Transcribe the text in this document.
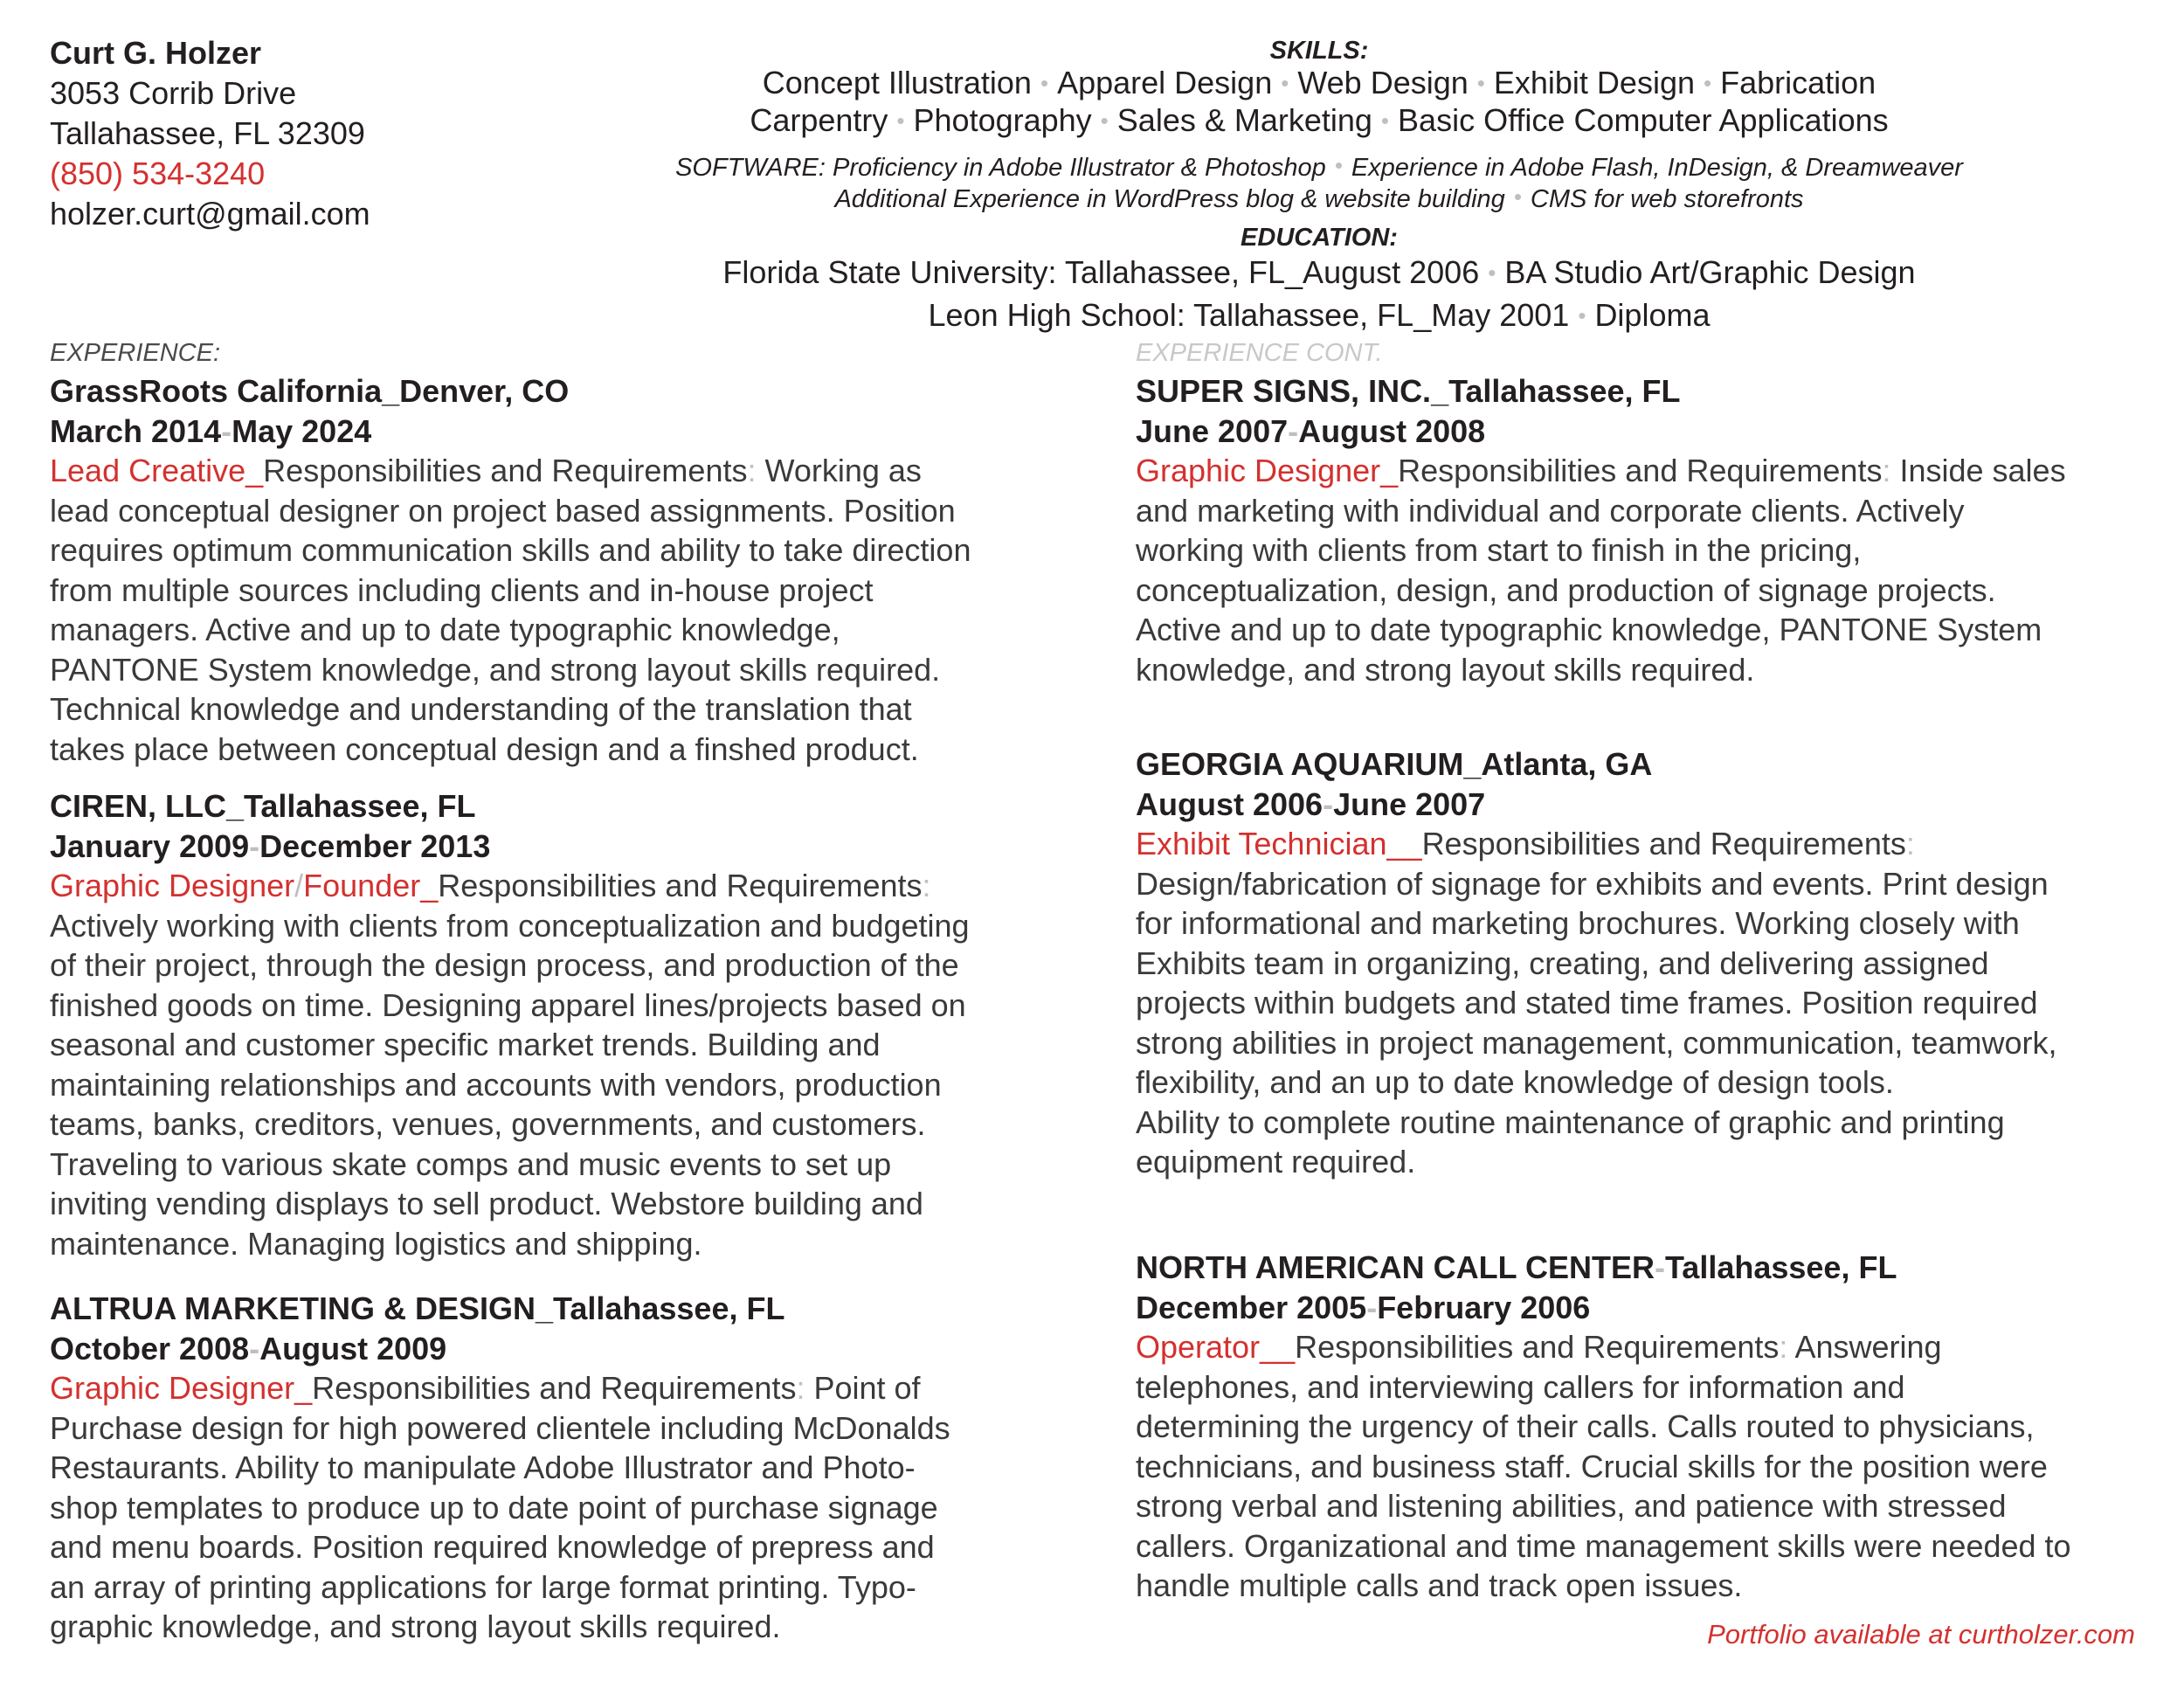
Curt G. Holzer
3053 Corrib Drive
Tallahassee, FL 32309
(850) 534-3240
holzer.curt@gmail.com
SKILLS:
Concept Illustration • Apparel Design • Web Design • Exhibit Design • Fabrication
Carpentry • Photography • Sales & Marketing • Basic Office Computer Applications
SOFTWARE: Proficiency in Adobe Illustrator & Photoshop • Experience in Adobe Flash, InDesign, & Dreamweaver
Additional Experience in WordPress blog & website building • CMS for web storefronts
EDUCATION:
Florida State University: Tallahassee, FL_August 2006 • BA Studio Art/Graphic Design
Leon High School: Tallahassee, FL_May 2001 • Diploma
EXPERIENCE:	EXPERIENCE CONT.
GrassRoots California_Denver, CO
March 2014-May 2024
Lead Creative_Responsibilities and Requirements: Working as
lead conceptual designer on project based assignments. Position
requires optimum communication skills and ability to take direction
from multiple sources including clients and in-house project
managers. Active and up to date typographic knowledge,
PANTONE System knowledge, and strong layout skills required.
Technical knowledge and understanding of the translation that
takes place between conceptual design and a finshed product.
CIREN, LLC_Tallahassee, FL
January 2009-December 2013
Graphic Designer/Founder_Responsibilities and Requirements:
Actively working with clients from conceptualization and budgeting
of their project, through the design process, and production of the
finished goods on time. Designing apparel lines/projects based on
seasonal and customer specific market trends. Building and
maintaining relationships and accounts with vendors, production
teams, banks, creditors, venues, governments, and customers.
Traveling to various skate comps and music events to set up
inviting vending displays to sell product. Webstore building and
maintenance. Managing logistics and shipping.
ALTRUA MARKETING & DESIGN_Tallahassee, FL
October 2008-August 2009
Graphic Designer_Responsibilities and Requirements: Point of
Purchase design for high powered clientele including McDonalds
Restaurants. Ability to manipulate Adobe Illustrator and Photo-
shop templates to produce up to date point of purchase signage
and menu boards. Position required knowledge of prepress and
an array of printing applications for large format printing. Typo-
graphic knowledge, and strong layout skills required.
SUPER SIGNS, INC._Tallahassee, FL
June 2007-August 2008
Graphic Designer_Responsibilities and Requirements: Inside sales
and marketing with individual and corporate clients. Actively
working with clients from start to finish in the pricing,
conceptualization, design, and production of signage projects.
Active and up to date typographic knowledge, PANTONE System
knowledge, and strong layout skills required.
GEORGIA AQUARIUM_Atlanta, GA
August 2006-June 2007
Exhibit Technician__Responsibilities and Requirements:
Design/fabrication of signage for exhibits and events. Print design
for informational and marketing brochures. Working closely with
Exhibits team in organizing, creating, and delivering assigned
projects within budgets and stated time frames. Position required
strong abilities in project management, communication, teamwork,
flexibility, and an up to date knowledge of design tools.
Ability to complete routine maintenance of graphic and printing
equipment required.
NORTH AMERICAN CALL CENTER-Tallahassee, FL
December 2005-February 2006
Operator__Responsibilities and Requirements: Answering
telephones, and interviewing callers for information and
determining the urgency of their calls. Calls routed to physicians,
technicians, and business staff. Crucial skills for the position were
strong verbal and listening abilities, and patience with stressed
callers. Organizational and time management skills were needed to
handle multiple calls and track open issues.
Portfolio available at curtholzer.com
